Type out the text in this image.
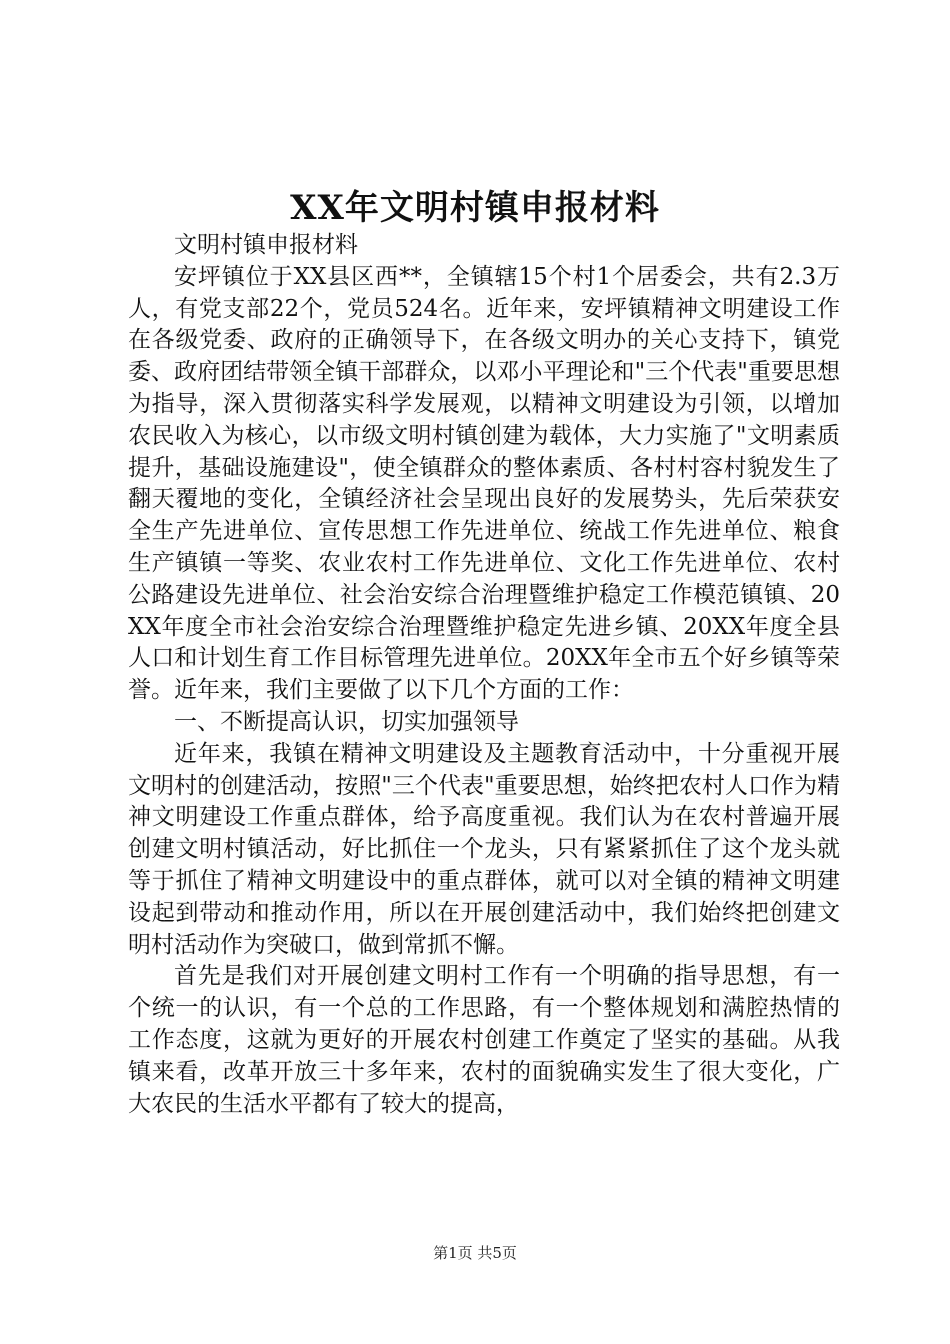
XX年文明村镇申报材料

文明村镇申报材料

安坪镇位于XX县区西**，全镇辖15个村1个居委会，共有2.3万人，有党支部22个，党员524名。近年来，安坪镇精神文明建设工作在各级党委、政府的正确领导下，在各级文明办的关心支持下，镇党委、政府团结带领全镇干部群众，以邓小平理论和"三个代表"重要思想为指导，深入贯彻落实科学发展观，以精神文明建设为引领，以增加农民收入为核心，以市级文明村镇创建为载体，大力实施了"文明素质提升，基础设施建设"，使全镇群众的整体素质、各村村容村貌发生了翻天覆地的变化，全镇经济社会呈现出良好的发展势头，先后荣获安全生产先进单位、宣传思想工作先进单位、统战工作先进单位、粮食生产镇镇一等奖、农业农村工作先进单位、文化工作先进单位、农村公路建设先进单位、社会治安综合治理暨维护稳定工作模范镇镇、20XX年度全市社会治安综合治理暨维护稳定先进乡镇、20XX年度全县人口和计划生育工作目标管理先进单位。20XX年全市五个好乡镇等荣誉。近年来，我们主要做了以下几个方面的工作：

一、不断提高认识，切实加强领导

近年来，我镇在精神文明建设及主题教育活动中，十分重视开展文明村的创建活动，按照"三个代表"重要思想，始终把农村人口作为精神文明建设工作重点群体，给予高度重视。我们认为在农村普遍开展创建文明村镇活动，好比抓住一个龙头，只有紧紧抓住了这个龙头就等于抓住了精神文明建设中的重点群体，就可以对全镇的精神文明建设起到带动和推动作用，所以在开展创建活动中，我们始终把创建文明村活动作为突破口，做到常抓不懈。

首先是我们对开展创建文明村工作有一个明确的指导思想，有一个统一的认识，有一个总的工作思路，有一个整体规划和满腔热情的工作态度，这就为更好的开展农村创建工作奠定了坚实的基础。从我镇来看，改革开放三十多年来，农村的面貌确实发生了很大变化，广大农民的生活水平都有了较大的提高，

第1页 共5页
